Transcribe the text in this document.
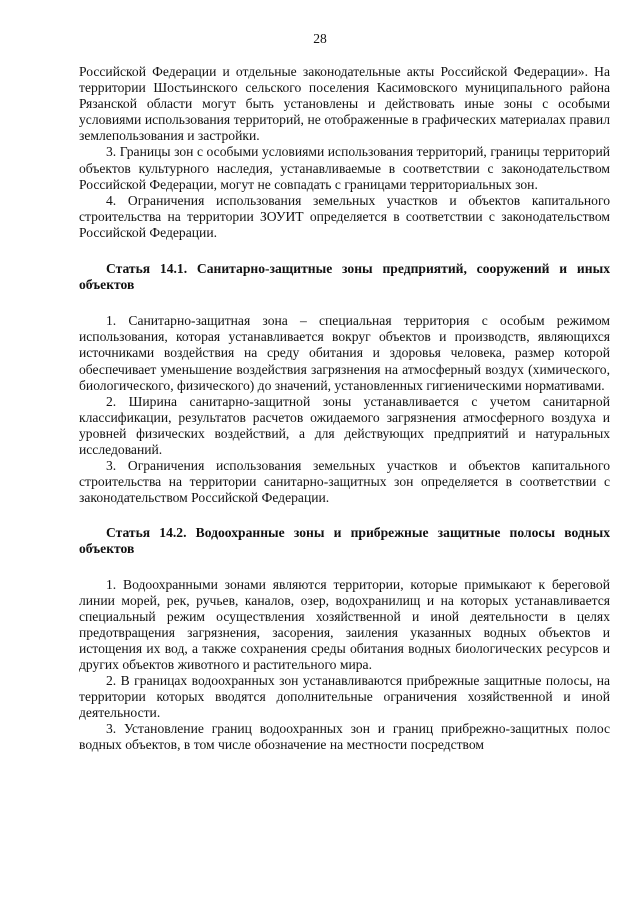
28

Российской Федерации и отдельные законодательные акты Российской Федерации». На территории Шостьинского сельского поселения Касимовского муниципального района Рязанской области могут быть установлены и действовать иные зоны с особыми условиями использования территорий, не отображенные в графических материалах правил землепользования и застройки.

3. Границы зон с особыми условиями использования территорий, границы территорий объектов культурного наследия, устанавливаемые в соответствии с законодательством Российской Федерации, могут не совпадать с границами территориальных зон.

4. Ограничения использования земельных участков и объектов капитального строительства на территории ЗОУИТ определяется в соответствии с законодательством Российской Федерации.

Статья 14.1. Санитарно-защитные зоны предприятий, сооружений и иных объектов

1. Санитарно-защитная зона – специальная территория с особым режимом использования, которая устанавливается вокруг объектов и производств, являющихся источниками воздействия на среду обитания и здоровья человека, размер которой обеспечивает уменьшение воздействия загрязнения на атмосферный воздух (химического, биологического, физического) до значений, установленных гигиеническими нормативами.

2. Ширина санитарно-защитной зоны устанавливается с учетом санитарной классификации, результатов расчетов ожидаемого загрязнения атмосферного воздуха и уровней физических воздействий, а для действующих предприятий и натуральных исследований.

3. Ограничения использования земельных участков и объектов капитального строительства на территории санитарно-защитных зон определяется в соответствии с законодательством Российской Федерации.

Статья 14.2. Водоохранные зоны и прибрежные защитные полосы водных объектов

1. Водоохранными зонами являются территории, которые примыкают к береговой линии морей, рек, ручьев, каналов, озер, водохранилищ и на которых устанавливается специальный режим осуществления хозяйственной и иной деятельности в целях предотвращения загрязнения, засорения, заиления указанных водных объектов и истощения их вод, а также сохранения среды обитания водных биологических ресурсов и других объектов животного и растительного мира.

2. В границах водоохранных зон устанавливаются прибрежные защитные полосы, на территории которых вводятся дополнительные ограничения хозяйственной и иной деятельности.

3. Установление границ водоохранных зон и границ прибрежно-защитных полос водных объектов, в том числе обозначение на местности посредством
